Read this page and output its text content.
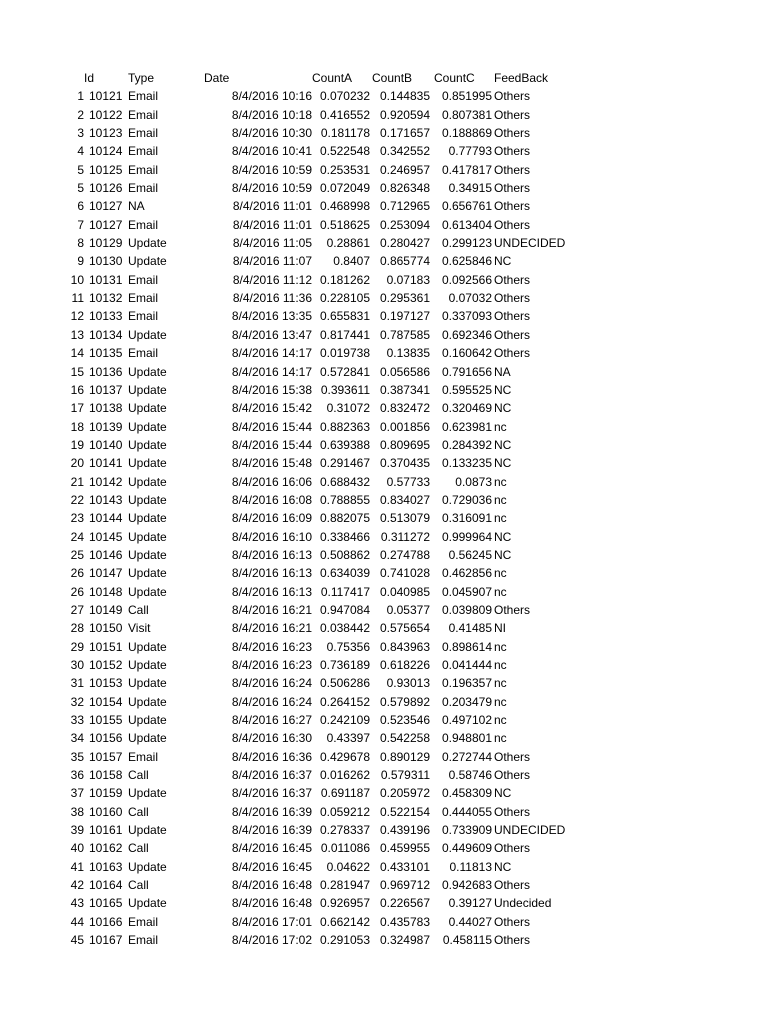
Id	Type	Date	CountA CountB CountC FeedBack
1 10121 Email	8/4/2016 10:16 0.070232 0.144835 0.851995 Others
2 10122 Email	8/4/2016 10:18 0.416552 0.920594 0.807381 Others
3 10123 Email	8/4/2016 10:30 0.181178 0.171657 0.188869 Others
4 10124 Email	8/4/2016 10:41 0.522548 0.342552	0.77793 Others
5 10125 Email	8/4/2016 10:59 0.253531 0.246957 0.417817 Others
5 10126 Email	8/4/2016 10:59 0.072049 0.826348	0.34915 Others
6 10127 NA	8/4/2016 11:01 0.468998 0.712965 0.656761 Others
7 10127 Email	8/4/2016 11:01 0.518625 0.253094 0.613404 Others
8 10129 Update	8/4/2016 11:05	0.28861 0.280427 0.299123 UNDECIDED
9 10130 Update	8/4/2016 11:07	0.8407 0.865774 0.625846 NC
10 10131 Email	8/4/2016 11:12 0.181262	0.07183 0.092566 Others
11 10132 Email	8/4/2016 11:36 0.228105 0.295361	0.07032 Others
12 10133 Email	8/4/2016 13:35 0.655831 0.197127 0.337093 Others
13 10134 Update	8/4/2016 13:47 0.817441 0.787585 0.692346 Others
14 10135 Email	8/4/2016 14:17 0.019738	0.13835 0.160642 Others
15 10136 Update	8/4/2016 14:17 0.572841 0.056586 0.791656 NA
16 10137 Update	8/4/2016 15:38 0.393611 0.387341 0.595525 NC
17 10138 Update	8/4/2016 15:42	0.31072 0.832472 0.320469 NC
18 10139 Update	8/4/2016 15:44 0.882363 0.001856 0.623981 nc
19 10140 Update	8/4/2016 15:44 0.639388 0.809695 0.284392 NC
20 10141 Update	8/4/2016 15:48 0.291467 0.370435 0.133235 NC
21 10142 Update	8/4/2016 16:06 0.688432	0.57733	0.0873 nc
22 10143 Update	8/4/2016 16:08 0.788855 0.834027 0.729036 nc
23 10144 Update	8/4/2016 16:09 0.882075 0.513079 0.316091 nc
24 10145 Update	8/4/2016 16:10 0.338466 0.311272 0.999964 NC
25 10146 Update	8/4/2016 16:13 0.508862 0.274788	0.56245 NC
26 10147 Update	8/4/2016 16:13 0.634039 0.741028 0.462856 nc
26 10148 Update	8/4/2016 16:13 0.117417 0.040985 0.045907 nc
27 10149 Call	8/4/2016 16:21 0.947084	0.05377 0.039809 Others
28 10150 Visit	8/4/2016 16:21 0.038442 0.575654	0.41485 NI
29 10151 Update	8/4/2016 16:23	0.75356 0.843963 0.898614 nc
30 10152 Update	8/4/2016 16:23 0.736189 0.618226 0.041444 nc
31 10153 Update	8/4/2016 16:24 0.506286	0.93013 0.196357 nc
32 10154 Update	8/4/2016 16:24 0.264152 0.579892 0.203479 nc
33 10155 Update	8/4/2016 16:27 0.242109 0.523546 0.497102 nc
34 10156 Update	8/4/2016 16:30	0.43397 0.542258 0.948801 nc
35 10157 Email	8/4/2016 16:36 0.429678 0.890129 0.272744 Others
36 10158 Call	8/4/2016 16:37 0.016262 0.579311	0.58746 Others
37 10159 Update	8/4/2016 16:37 0.691187 0.205972 0.458309 NC
38 10160 Call	8/4/2016 16:39 0.059212 0.522154 0.444055 Others
39 10161 Update	8/4/2016 16:39 0.278337 0.439196 0.733909 UNDECIDED
40 10162 Call	8/4/2016 16:45 0.011086 0.459955 0.449609 Others
41 10163 Update	8/4/2016 16:45	0.04622 0.433101	0.11813 NC
42 10164 Call	8/4/2016 16:48 0.281947 0.969712 0.942683 Others
43 10165 Update	8/4/2016 16:48 0.926957 0.226567	0.39127 Undecided
44 10166 Email	8/4/2016 17:01 0.662142 0.435783	0.44027 Others
45 10167 Email	8/4/2016 17:02 0.291053 0.324987	0.458115 Others
